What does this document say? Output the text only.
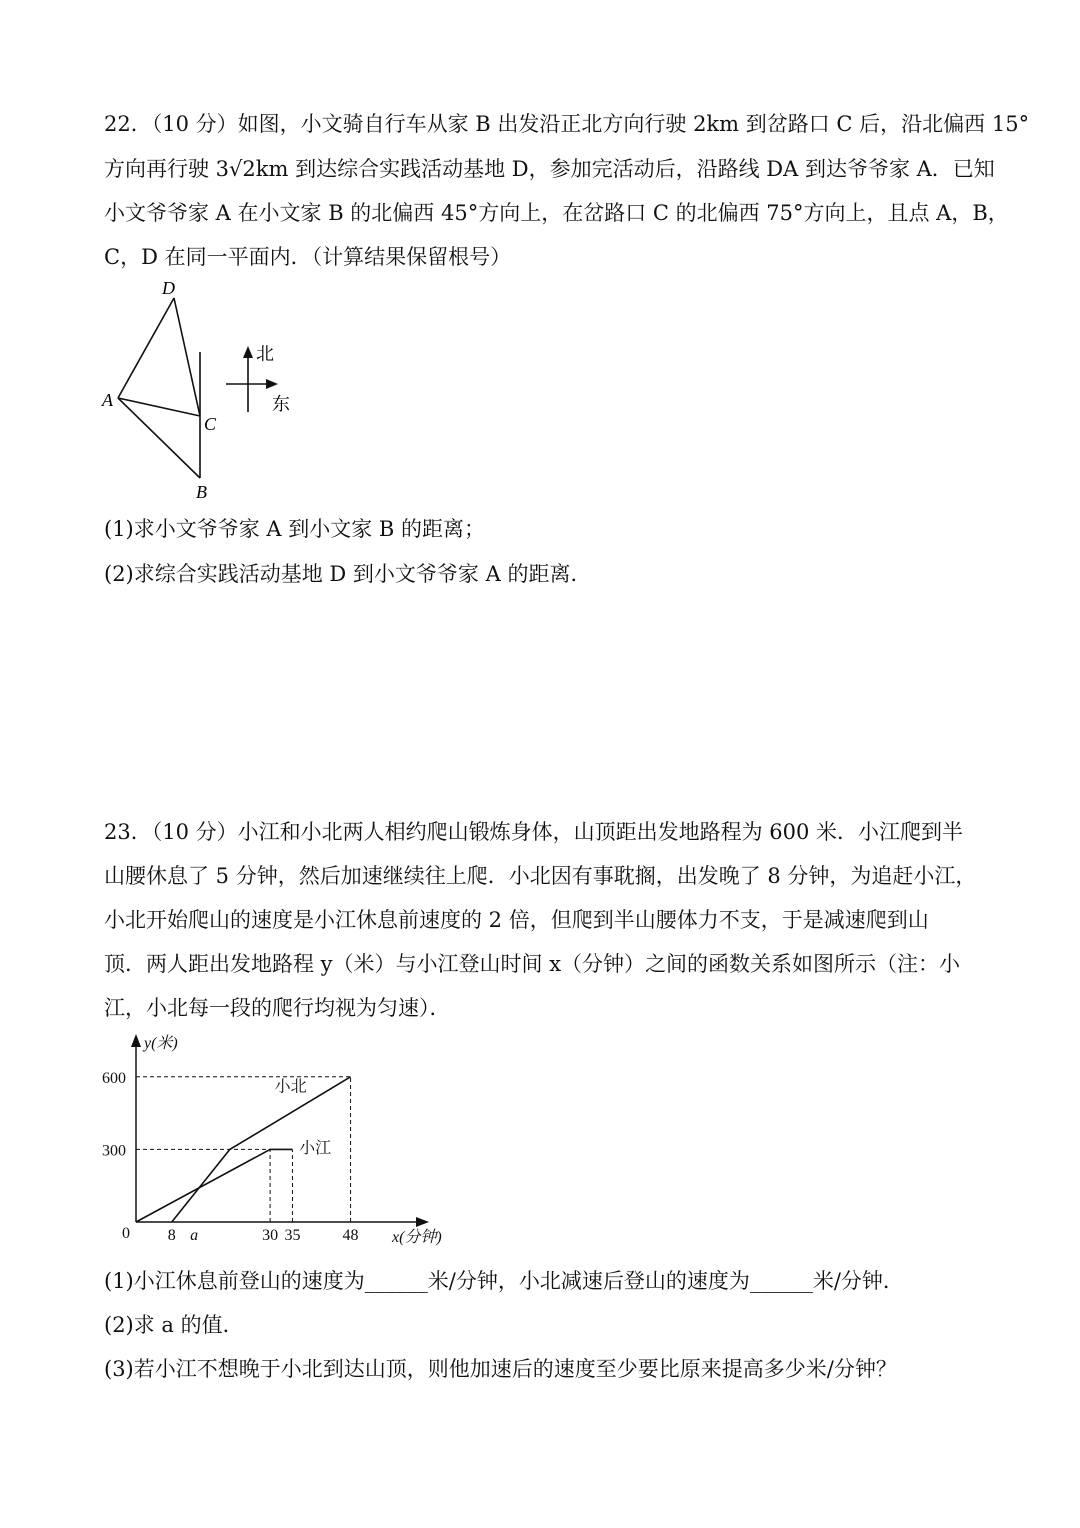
22．（10 分）如图，小文骑自行车从家 B 出发沿正北方向行驶 2km 到岔路口 C 后，沿北偏西 15°
方向再行驶 3√2km 到达综合实践活动基地 D，参加完活动后，沿路线 DA 到达爷爷家 A．已知
小文爷爷家 A 在小文家 B 的北偏西 45°方向上，在岔路口 C 的北偏西 75°方向上，且点 A，B，
C，D 在同一平面内．（计算结果保留根号）
D
A
C
B
北
东
(1)求小文爷爷家 A 到小文家 B 的距离；
(2)求综合实践活动基地 D 到小文爷爷家 A 的距离．
23．（10 分）小江和小北两人相约爬山锻炼身体，山顶距出发地路程为 600 米．小江爬到半
山腰休息了 5 分钟，然后加速继续往上爬．小北因有事耽搁，出发晚了 8 分钟，为追赶小江，
小北开始爬山的速度是小江休息前速度的 2 倍，但爬到半山腰体力不支，于是减速爬到山
顶．两人距出发地路程 y（米）与小江登山时间 x（分钟）之间的函数关系如图所示（注：小
江，小北每一段的爬行均视为匀速）．
小北
小江
y(米)
300
600
0 8 a	30 35	48 x(分钟)
(1)小江休息前登山的速度为______米/分钟，小北减速后登山的速度为______米/分钟．
(2)求 a 的值．
(3)若小江不想晚于小北到达山顶，则他加速后的速度至少要比原来提高多少米/分钟？
